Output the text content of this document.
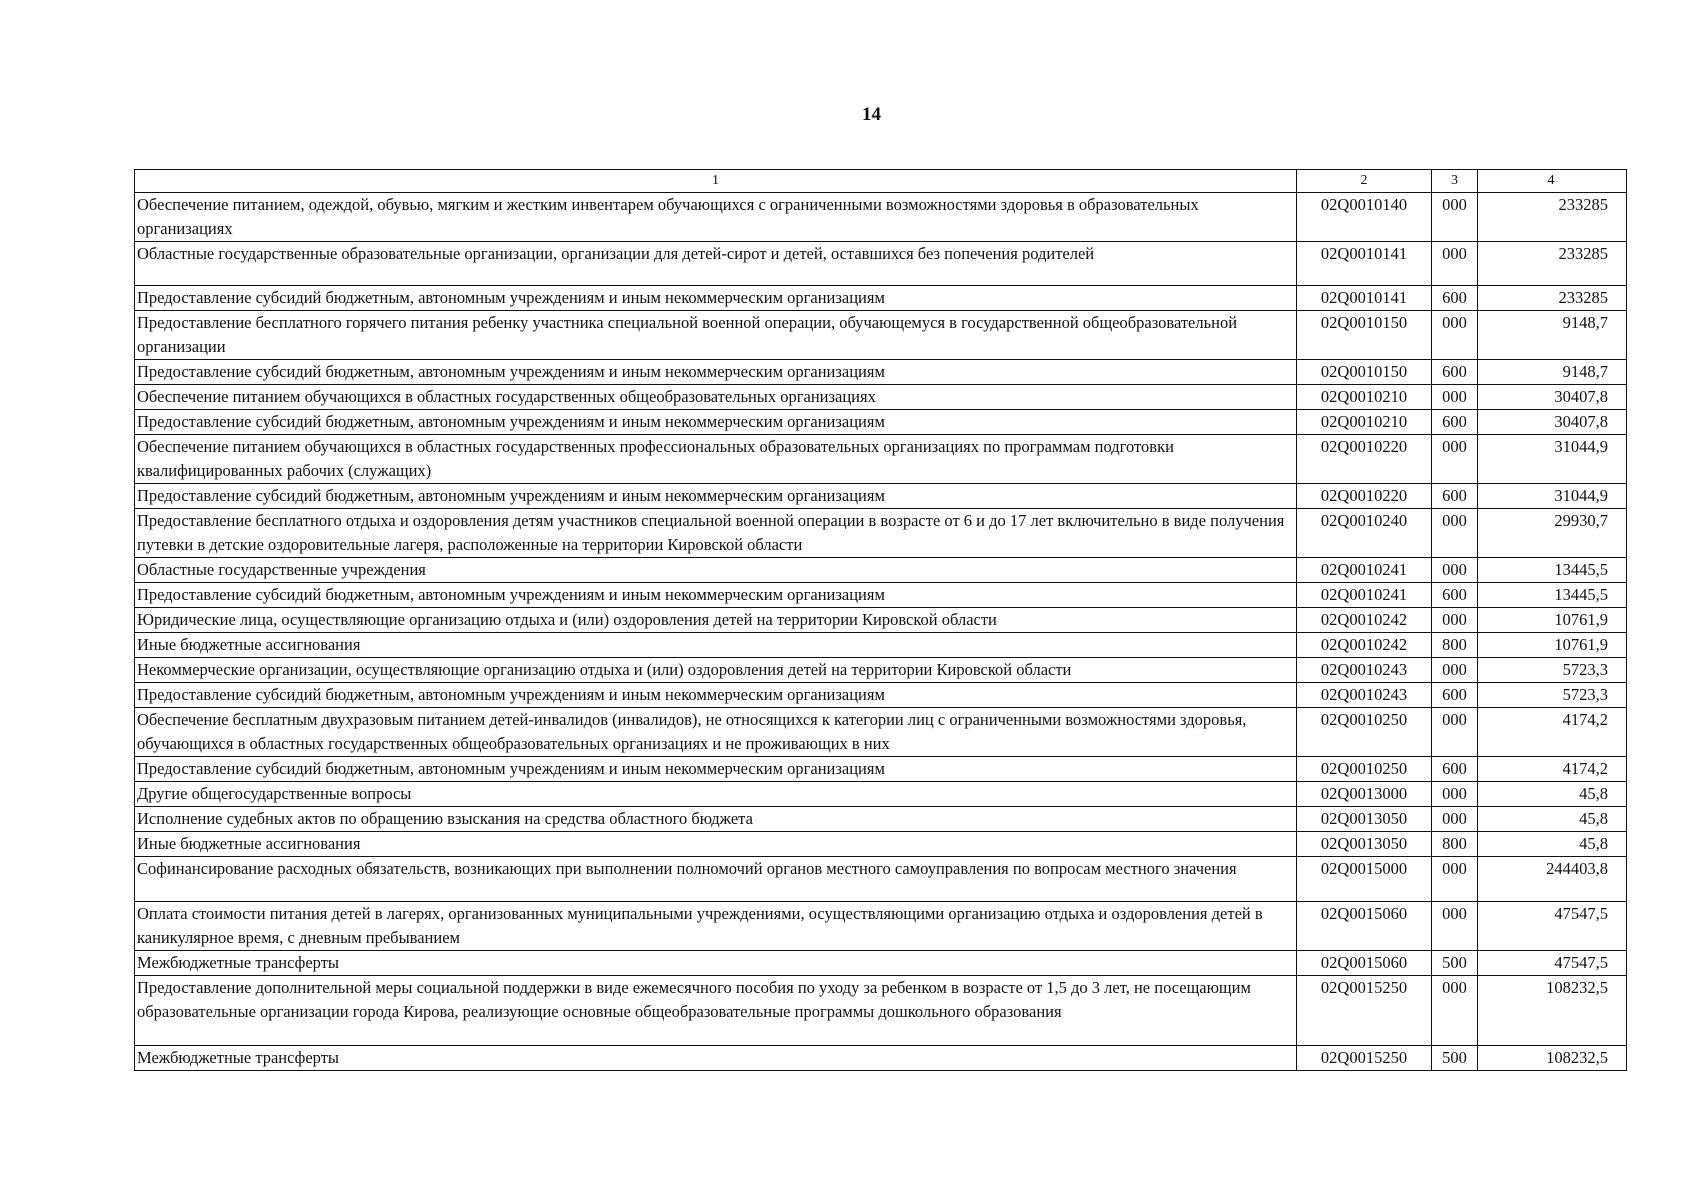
14
1	2	3	4
Обеспечение питанием, одеждой, обувью, мягким и жестким инвентарем обучающихся с ограниченными возможностями здоровья в образовательных организациях	02Q0010140	000	233285
Областные государственные образовательные организации, организации для детей-сирот и детей, оставшихся без попечения родителей	02Q0010141	000	233285
Предоставление субсидий бюджетным, автономным учреждениям и иным некоммерческим организациям	02Q0010141	600	233285
Предоставление бесплатного горячего питания ребенку участника специальной военной операции, обучающемуся в государственной общеобразовательной организации	02Q0010150	000	9148,7
Предоставление субсидий бюджетным, автономным учреждениям и иным некоммерческим организациям	02Q0010150	600	9148,7
Обеспечение питанием обучающихся в областных государственных общеобразовательных организациях	02Q0010210	000	30407,8
Предоставление субсидий бюджетным, автономным учреждениям и иным некоммерческим организациям	02Q0010210	600	30407,8
Обеспечение питанием обучающихся в областных государственных профессиональных образовательных организациях по программам подготовки квалифицированных рабочих (служащих)	02Q0010220	000	31044,9
Предоставление субсидий бюджетным, автономным учреждениям и иным некоммерческим организациям	02Q0010220	600	31044,9
Предоставление бесплатного отдыха и оздоровления детям участников специальной военной операции в возрасте от 6 и до 17 лет включительно в виде получения путевки в детские оздоровительные лагеря, расположенные на территории Кировской области	02Q0010240	000	29930,7
Областные государственные учреждения	02Q0010241	000	13445,5
Предоставление субсидий бюджетным, автономным учреждениям и иным некоммерческим организациям	02Q0010241	600	13445,5
Юридические лица, осуществляющие организацию отдыха и (или) оздоровления детей на территории Кировской области	02Q0010242	000	10761,9
Иные бюджетные ассигнования	02Q0010242	800	10761,9
Некоммерческие организации, осуществляющие организацию отдыха и (или) оздоровления детей на территории Кировской области	02Q0010243	000	5723,3
Предоставление субсидий бюджетным, автономным учреждениям и иным некоммерческим организациям	02Q0010243	600	5723,3
Обеспечение бесплатным двухразовым питанием детей-инвалидов (инвалидов), не относящихся к категории лиц с ограниченными возможностями здоровья, обучающихся в областных государственных общеобразовательных организациях и не проживающих в них	02Q0010250	000	4174,2
Предоставление субсидий бюджетным, автономным учреждениям и иным некоммерческим организациям	02Q0010250	600	4174,2
Другие общегосударственные вопросы	02Q0013000	000	45,8
Исполнение судебных актов по обращению взыскания на средства областного бюджета	02Q0013050	000	45,8
Иные бюджетные ассигнования	02Q0013050	800	45,8
Софинансирование расходных обязательств, возникающих при выполнении полномочий органов местного самоуправления по вопросам местного значения	02Q0015000	000	244403,8
Оплата стоимости питания детей в лагерях, организованных муниципальными учреждениями, осуществляющими организацию отдыха и оздоровления детей в каникулярное время, с дневным пребыванием	02Q0015060	000	47547,5
Межбюджетные трансферты	02Q0015060	500	47547,5
Предоставление дополнительной меры социальной поддержки в виде ежемесячного пособия по уходу за ребенком в возрасте от 1,5 до 3 лет, не посещающим образовательные организации города Кирова, реализующие основные общеобразовательные программы дошкольного образования	02Q0015250	000	108232,5
Межбюджетные трансферты	02Q0015250	500	108232,5
